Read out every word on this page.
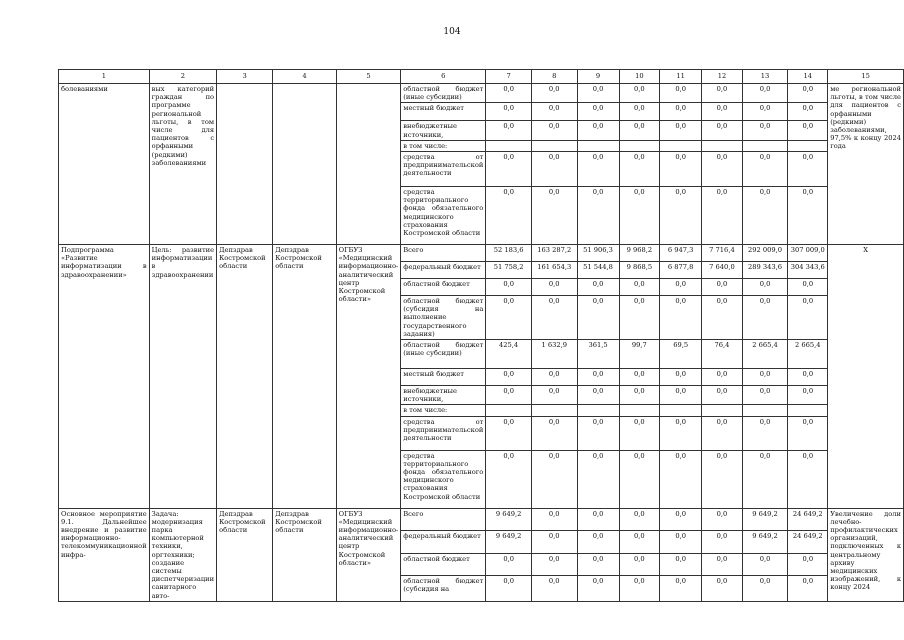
104
1	2	3	4	5	6	7	8	9	10	11	12	13	14	15
болеваниями	вых категорий граждан по программе региональной льготы, в том числе для пациентов с орфанными (редкими) заболеваниями				областной бюджет (иные субсидии)	0,0	0,0	0,0	0,0	0,0	0,0	0,0	0,0	ме региональной льготы, в том числе для пациентов с орфанными (редкими) заболеваниями, 97,5% к концу 2024 года
					местный бюджет	0,0	0,0	0,0	0,0	0,0	0,0	0,0	0,0	
					внебюджетные источники,	0,0	0,0	0,0	0,0	0,0	0,0	0,0	0,0	
					в том числе:									
					средства от предпринимательской деятельности	0,0	0,0	0,0	0,0	0,0	0,0	0,0	0,0	
					средства территориального фонда обязательного медицинского страхования Костромской области	0,0	0,0	0,0	0,0	0,0	0,0	0,0	0,0	
Подпрограмма «Развитие информатизации в здравоохранении»	Цель: развитие информатизации в здравоохранении	Депздрав Костромской области	Депздрав Костромской области	ОГБУЗ «Медицинский информационно-аналитический центр Костромской области»	Всего	52 183,6	163 287,2	51 906,3	9 968,2	6 947,3	7 716,4	292 009,0	307 009,0	X
					федеральный бюджет	51 758,2	161 654,3	51 544,8	9 868,5	6 877,8	7 640,0	289 343,6	304 343,6	
					областной бюджет	0,0	0,0	0,0	0,0	0,0	0,0	0,0	0,0	
					областной бюджет (субсидия на выполнение государственного задания)	0,0	0,0	0,0	0,0	0,0	0,0	0,0	0,0	
					областной бюджет (иные субсидии)	425,4	1 632,9	361,5	99,7	69,5	76,4	2 665,4	2 665,4	
					местный бюджет	0,0	0,0	0,0	0,0	0,0	0,0	0,0	0,0	
					внебюджетные источники,	0,0	0,0	0,0	0,0	0,0	0,0	0,0	0,0	
					в том числе:									
					средства от предпринимательской деятельности	0,0	0,0	0,0	0,0	0,0	0,0	0,0	0,0	
					средства территориального фонда обязательного медицинского страхования Костромской области	0,0	0,0	0,0	0,0	0,0	0,0	0,0	0,0	
Основное мероприятие 9.1. Дальнейшее внедрение и развитие информационно-телекоммуникационной инфра-	Задача: модернизация парка компьютерной техники, оргтехники; создание системы диспетчеризации санитарного авто-	Депздрав Костромской области	Депздрав Костромской области	ОГБУЗ «Медицинский информационно-аналитический центр Костромской области»	Всего	9 649,2	0,0	0,0	0,0	0,0	0,0	9 649,2	24 649,2	Увеличение доли лечебно-профилактических организаций, подключенных к центральному архиву медицинских изображений, к концу 2024
					федеральный бюджет	9 649,2	0,0	0,0	0,0	0,0	0,0	9 649,2	24 649,2	
					областной бюджет	0,0	0,0	0,0	0,0	0,0	0,0	0,0	0,0	
					областной бюджет (субсидия на	0,0	0,0	0,0	0,0	0,0	0,0	0,0	0,0	
